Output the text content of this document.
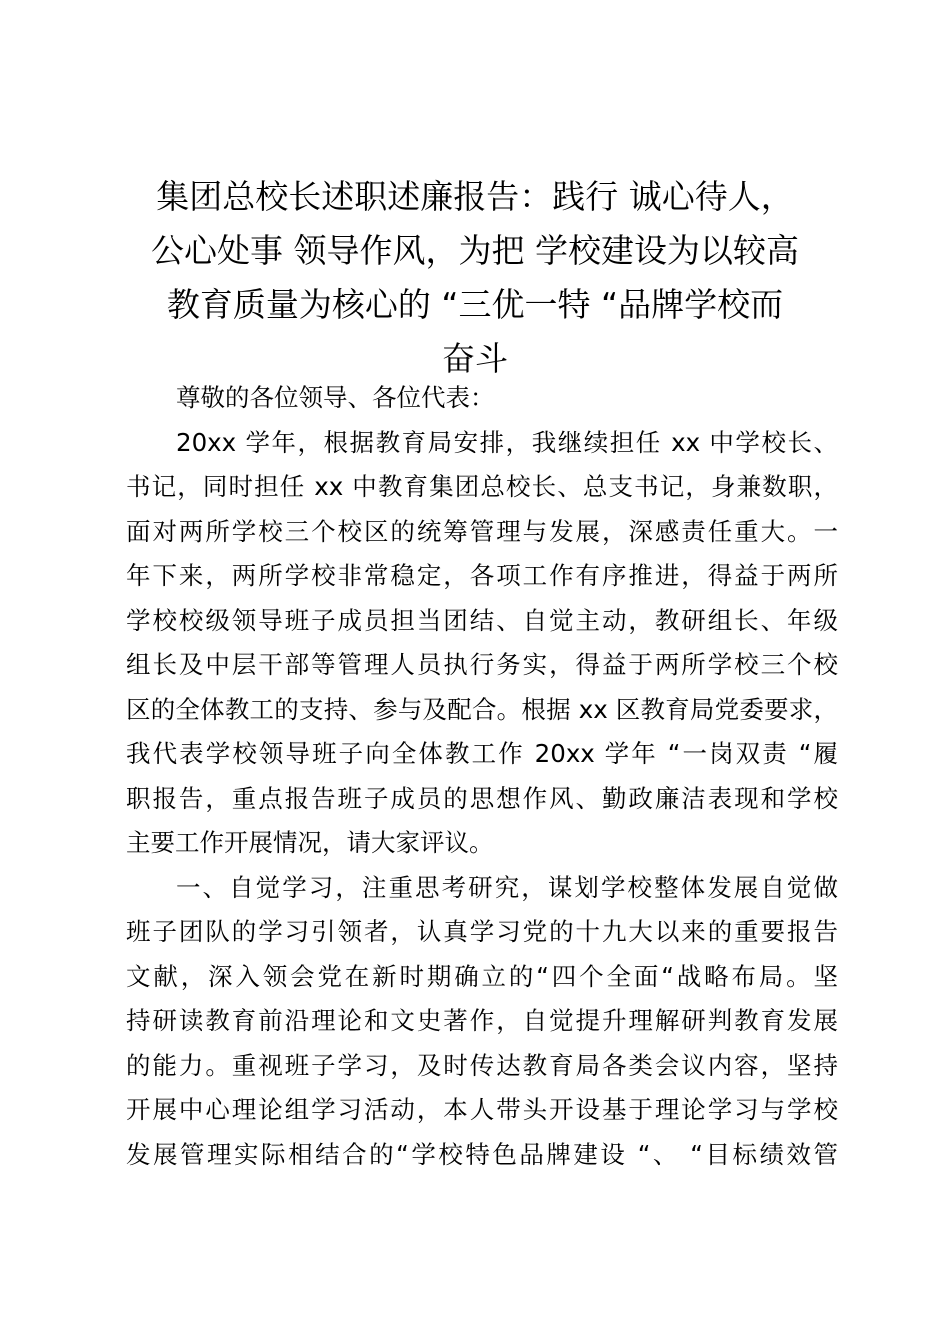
集团总校长述职述廉报告：践行 诚心待人，
公心处事 领导作风，为把 学校建设为以较高
教育质量为核心的 “三优一特 “品牌学校而
奋斗
尊敬的各位领导、各位代表：
20xx 学年，根据教育局安排，我继续担任 xx 中学校长、
书记，同时担任 xx 中教育集团总校长、总支书记，身兼数职，
面对两所学校三个校区的统筹管理与发展，深感责任重大。一
年下来，两所学校非常稳定，各项工作有序推进，得益于两所
学校校级领导班子成员担当团结、自觉主动，教研组长、年级
组长及中层干部等管理人员执行务实，得益于两所学校三个校
区的全体教工的支持、参与及配合。根据 xx 区教育局党委要求，
我代表学校领导班子向全体教工作 20xx 学年 “一岗双责 “履
职报告，重点报告班子成员的思想作风、勤政廉洁表现和学校
主要工作开展情况，请大家评议。
一、自觉学习，注重思考研究，谋划学校整体发展自觉做
班子团队的学习引领者，认真学习党的十九大以来的重要报告
文献，深入领会党在新时期确立的“四个全面“战略布局。坚
持研读教育前沿理论和文史著作，自觉提升理解研判教育发展
的能力。重视班子学习，及时传达教育局各类会议内容，坚持
开展中心理论组学习活动，本人带头开设基于理论学习与学校
发展管理实际相结合的“学校特色品牌建设 “、 “目标绩效管
